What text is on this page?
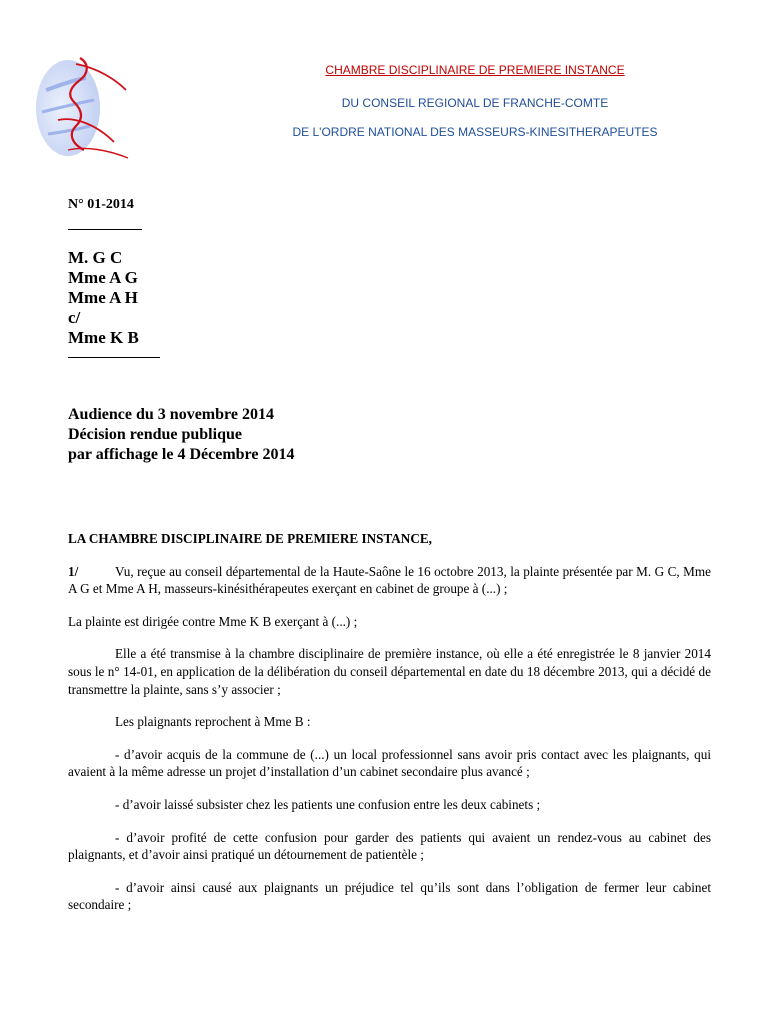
CHAMBRE DISCIPLINAIRE DE PREMIERE INSTANCE
DU CONSEIL REGIONAL DE FRANCHE-COMTE
DE L'ORDRE NATIONAL DES MASSEURS-KINESITHERAPEUTES
N° 01-2014
M. G C
Mme A G
Mme A H
c/
Mme K B
Audience du 3 novembre 2014
Décision rendue publique
par affichage le 4 Décembre 2014
LA CHAMBRE DISCIPLINAIRE DE PREMIERE INSTANCE,

1/	Vu, reçue au conseil départemental de la Haute-Saône le 16 octobre 2013, la plainte présentée par M. G C, Mme A G et Mme A H, masseurs-kinésithérapeutes exerçant en cabinet de groupe à (...) ;

La plainte est dirigée contre Mme K B exerçant à (...) ;

Elle a été transmise à la chambre disciplinaire de première instance, où elle a été enregistrée le 8 janvier 2014 sous le n° 14-01, en application de la délibération du conseil départemental en date du 18 décembre 2013, qui a décidé de transmettre la plainte, sans s’y associer ;

Les plaignants reprochent à Mme B :

- d’avoir acquis de la commune de (...) un local professionnel sans avoir pris contact avec les plaignants, qui avaient à la même adresse un projet d’installation d’un cabinet secondaire plus avancé ;

- d’avoir laissé subsister chez les patients une confusion entre les deux cabinets ;

- d’avoir profité de cette confusion pour garder des patients qui avaient un rendez-vous au cabinet des plaignants, et d’avoir ainsi pratiqué un détournement de patientèle ;

- d’avoir ainsi causé aux plaignants un préjudice tel qu’ils sont dans l’obligation de fermer leur cabinet secondaire ;
